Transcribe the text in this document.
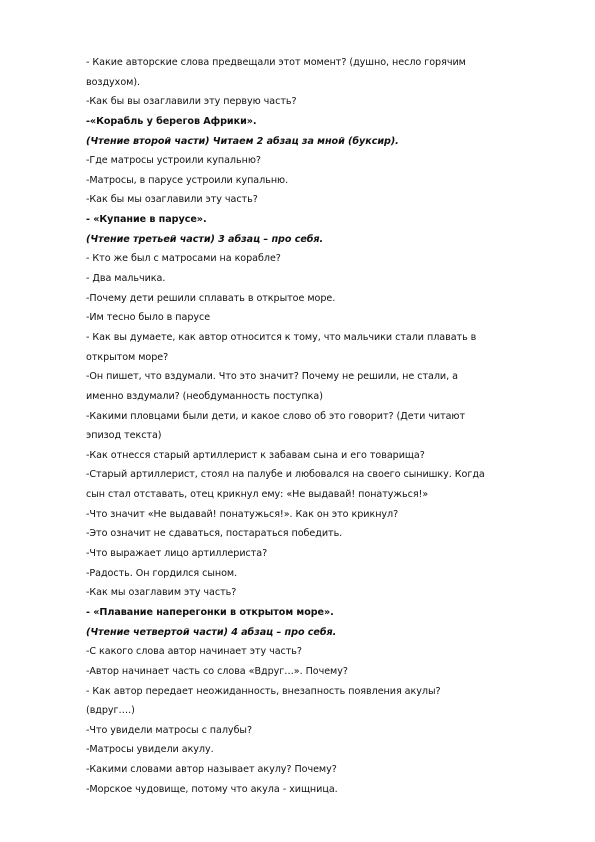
- Какие авторские слова предвещали этот момент? (душно, несло горячим
воздухом).
-Как бы вы озаглавили эту первую часть?
-«Корабль у берегов Африки».
(Чтение второй части) Читаем 2 абзац за мной (буксир).
-Где матросы устроили купальню?
-Матросы, в парусе устроили купальню.
-Как бы мы озаглавили эту часть?
- «Купание в парусе».
(Чтение третьей части) 3 абзац – про себя.
- Кто же был с матросами на корабле?
- Два мальчика.
-Почему дети решили сплавать в открытое море.
-Им тесно было в парусе
- Как вы думаете, как автор относится к тому, что мальчики стали плавать в
открытом море?
-Он пишет, что вздумали. Что это значит? Почему не решили, не стали, а
именно вздумали? (необдуманность поступка)
-Какими пловцами были дети, и какое слово об это говорит? (Дети читают
эпизод текста)
-Как отнесся старый артиллерист к забавам сына и его товарища?
-Старый артиллерист, стоял на палубе и любовался на своего сынишку. Когда
сын стал отставать, отец крикнул ему: «Не выдавай! понатужься!»
-Что значит «Не выдавай! понатужься!». Как он это крикнул?
-Это означит не сдаваться, постараться победить.
-Что выражает лицо артиллериста?
-Радость. Он гордился сыном.
-Как мы озаглавим эту часть?
- «Плавание наперегонки в открытом море».
(Чтение четвертой части) 4 абзац – про себя.
-С какого слова автор начинает эту часть?
-Автор начинает часть со слова «Вдруг…». Почему?
- Как автор передает неожиданность, внезапность появления акулы?
(вдруг….)
-Что увидели матросы с палубы?
-Матросы увидели акулу.
-Какими словами автор называет акулу? Почему?
-Морское чудовище, потому что акула - хищница.
